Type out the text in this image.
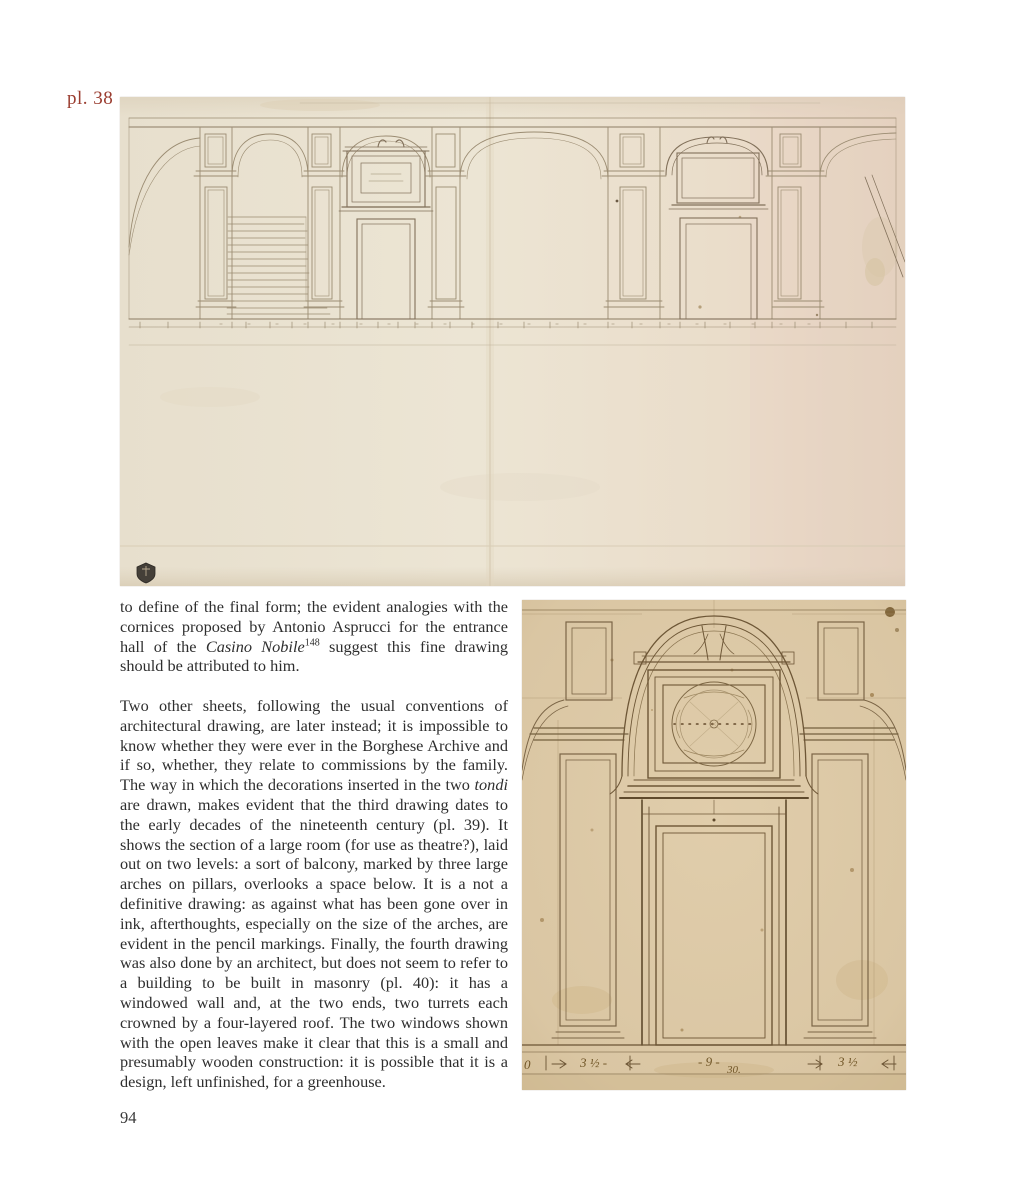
pl. 38

to define of the final form; the evident analogies with the cornices proposed by Antonio Asprucci for the entrance hall of the Casino Nobile$^{148}$ suggest this fine drawing should be attributed to him.

Two other sheets, following the usual conventions of architectural drawing, are later instead; it is impossible to know whether they were ever in the Borghese Archive and if so, whether, they relate to commissions by the family. The way in which the decorations inserted in the two tondi are drawn, makes evident that the third drawing dates to the early decades of the nineteenth century (pl. 39). It shows the section of a large room (for use as theatre?), laid out on two levels: a sort of balcony, marked by three large arches on pillars, overlooks a space below. It is a not a definitive drawing: as against what has been gone over in ink, afterthoughts, especially on the size of the arches, are evident in the pencil markings. Finally, the fourth drawing was also done by an architect, but does not seem to refer to a building to be built in masonry (pl. 40): it has a windowed wall and, at the two ends, two turrets each crowned by a four-layered roof. The two windows shown with the open leaves make it clear that this is a small and presumably wooden construction: it is possible that it is a design, left unfinished, for a greenhouse.

0	3 ½ -	- 9 -
30.
3 ½
94
